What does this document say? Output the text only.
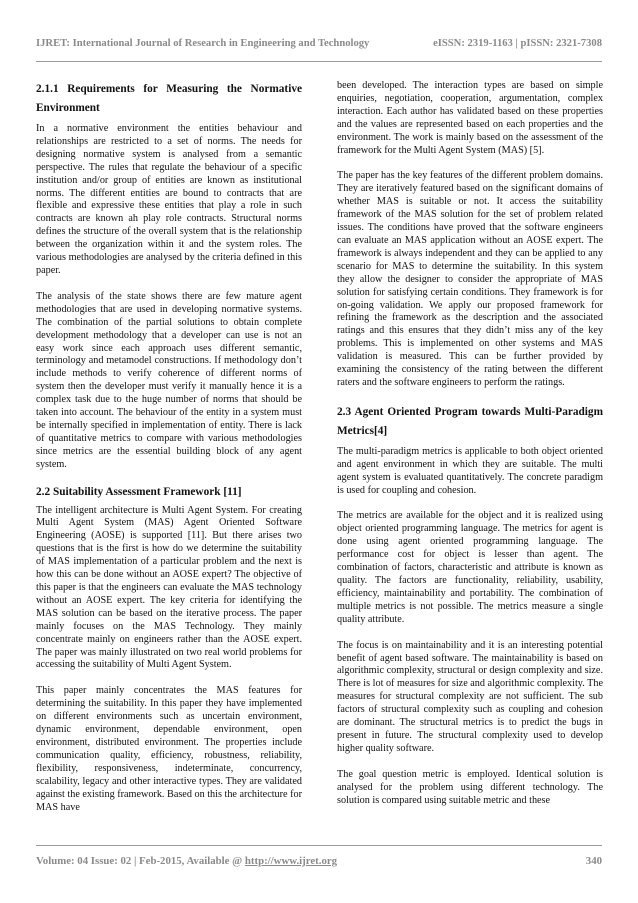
IJRET: International Journal of Research in Engineering and Technology	eISSN: 2319-1163 | pISSN: 2321-7308
2.1.1 Requirements for Measuring the Normative Environment

In a normative environment the entities behaviour and relationships are restricted to a set of norms. The needs for designing normative system is analysed from a semantic perspective. The rules that regulate the behaviour of a specific institution and/or group of entities are known as institutional norms. The different entities are bound to contracts that are flexible and expressive these entities that play a role in such contracts are known ah play role contracts. Structural norms defines the structure of the overall system that is the relationship between the organization within it and the system roles. The various methodologies are analysed by the criteria defined in this paper.

The analysis of the state shows there are few mature agent methodologies that are used in developing normative systems. The combination of the partial solutions to obtain complete development methodology that a developer can use is not an easy work since each approach uses different semantic, terminology and metamodel constructions. If methodology don’t include methods to verify coherence of different norms of system then the developer must verify it manually hence it is a complex task due to the huge number of norms that should be taken into account. The behaviour of the entity in a system must be internally specified in implementation of entity. There is lack of quantitative metrics to compare with various methodologies since metrics are the essential building block of any agent system.

2.2 Suitability Assessment Framework [11]

The intelligent architecture is Multi Agent System. For creating Multi Agent System (MAS) Agent Oriented Software Engineering (AOSE) is supported [11]. But there arises two questions that is the first is how do we determine the suitability of MAS implementation of a particular problem and the next is how this can be done without an AOSE expert? The objective of this paper is that the engineers can evaluate the MAS technology without an AOSE expert. The key criteria for identifying the MAS solution can be based on the iterative process. The paper mainly focuses on the MAS Technology. They mainly concentrate mainly on engineers rather than the AOSE expert. The paper was mainly illustrated on two real world problems for accessing the suitability of Multi Agent System.

This paper mainly concentrates the MAS features for determining the suitability. In this paper they have implemented on different environments such as uncertain environment, dynamic environment, dependable environment, open environment, distributed environment. The properties include communication quality, efficiency, robustness, reliability, flexibility, responsiveness, indeterminate, concurrency, scalability, legacy and other interactive types. They are validated against the existing framework. Based on this the architecture for MAS have

been developed. The interaction types are based on simple enquiries, negotiation, cooperation, argumentation, complex interaction. Each author has validated based on these properties and the values are represented based on each properties and the environment. The work is mainly based on the assessment of the framework for the Multi Agent System (MAS) [5].

The paper has the key features of the different problem domains. They are iteratively featured based on the significant domains of whether MAS is suitable or not. It access the suitability framework of the MAS solution for the set of problem related issues. The conditions have proved that the software engineers can evaluate an MAS application without an AOSE expert. The framework is always independent and they can be applied to any scenario for MAS to determine the suitability. In this system they allow the designer to consider the appropriate of MAS solution for satisfying certain conditions. They framework is for on-going validation. We apply our proposed framework for refining the framework as the description and the associated ratings and this ensures that they didn’t miss any of the key problems. This is implemented on other systems and MAS validation is measured. This can be further provided by examining the consistency of the rating between the different raters and the software engineers to perform the ratings.

2.3 Agent Oriented Program towards Multi-Paradigm Metrics[4]

The multi-paradigm metrics is applicable to both object oriented and agent environment in which they are suitable. The multi agent system is evaluated quantitatively. The concrete paradigm is used for coupling and cohesion.

The metrics are available for the object and it is realized using object oriented programming language. The metrics for agent is done using agent oriented programming language. The performance cost for object is lesser than agent. The combination of factors, characteristic and attribute is known as quality. The factors are functionality, reliability, usability, efficiency, maintainability and portability. The combination of multiple metrics is not possible. The metrics measure a single quality attribute.

The focus is on maintainability and it is an interesting potential benefit of agent based software. The maintainability is based on algorithmic complexity, structural or design complexity and size. There is lot of measures for size and algorithmic complexity. The measures for structural complexity are not sufficient. The sub factors of structural complexity such as coupling and cohesion are dominant. The structural metrics is to predict the bugs in present in future. The structural complexity used to develop higher quality software.

The goal question metric is employed. Identical solution is analysed for the problem using different technology. The solution is compared using suitable metric and these

Volume: 04 Issue: 02 | Feb-2015, Available @ http://www.ijret.org	340
